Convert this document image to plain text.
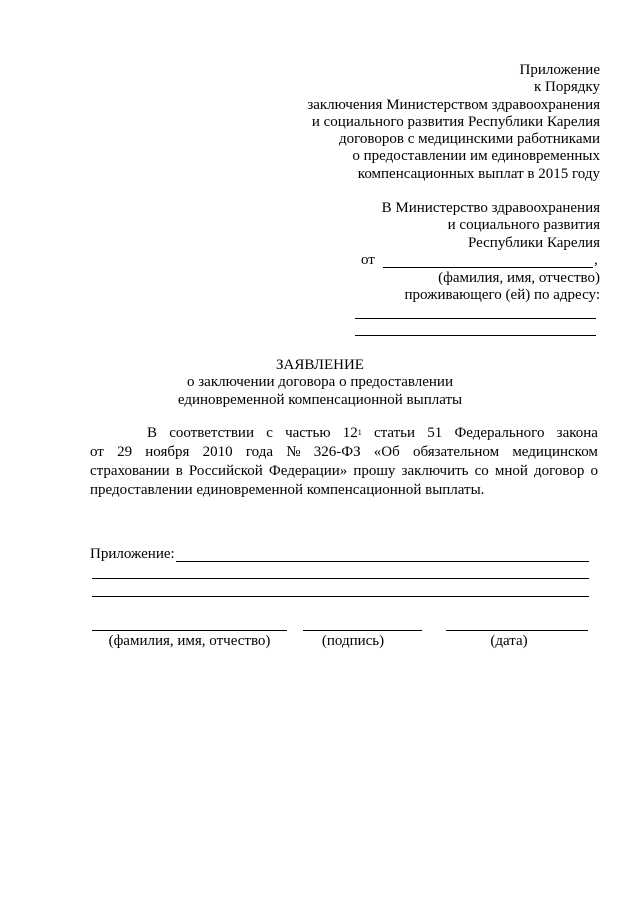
Приложение
к Порядку
заключения Министерством здравоохранения
и социального развития Республики Карелия
договоров с медицинскими работниками
о предоставлении им единовременных
компенсационных выплат в 2015 году
В Министерство здравоохранения
и социального развития
Республики Карелия
от	,
(фамилия, имя, отчество)
проживающего (ей) по адресу:
ЗАЯВЛЕНИЕ
о заключении договора о предоставлении
единовременной компенсационной выплаты
В соответствии с частью $12^1$ статьи 51 Федерального закона
от 29 ноября 2010 года № 326-ФЗ «Об обязательном медицинском
страховании в Российской Федерации» прошу заключить со мной договор о
предоставлении единовременной компенсационной выплаты.
Приложение:
(фамилия, имя, отчество)	(подпись)	(дата)
